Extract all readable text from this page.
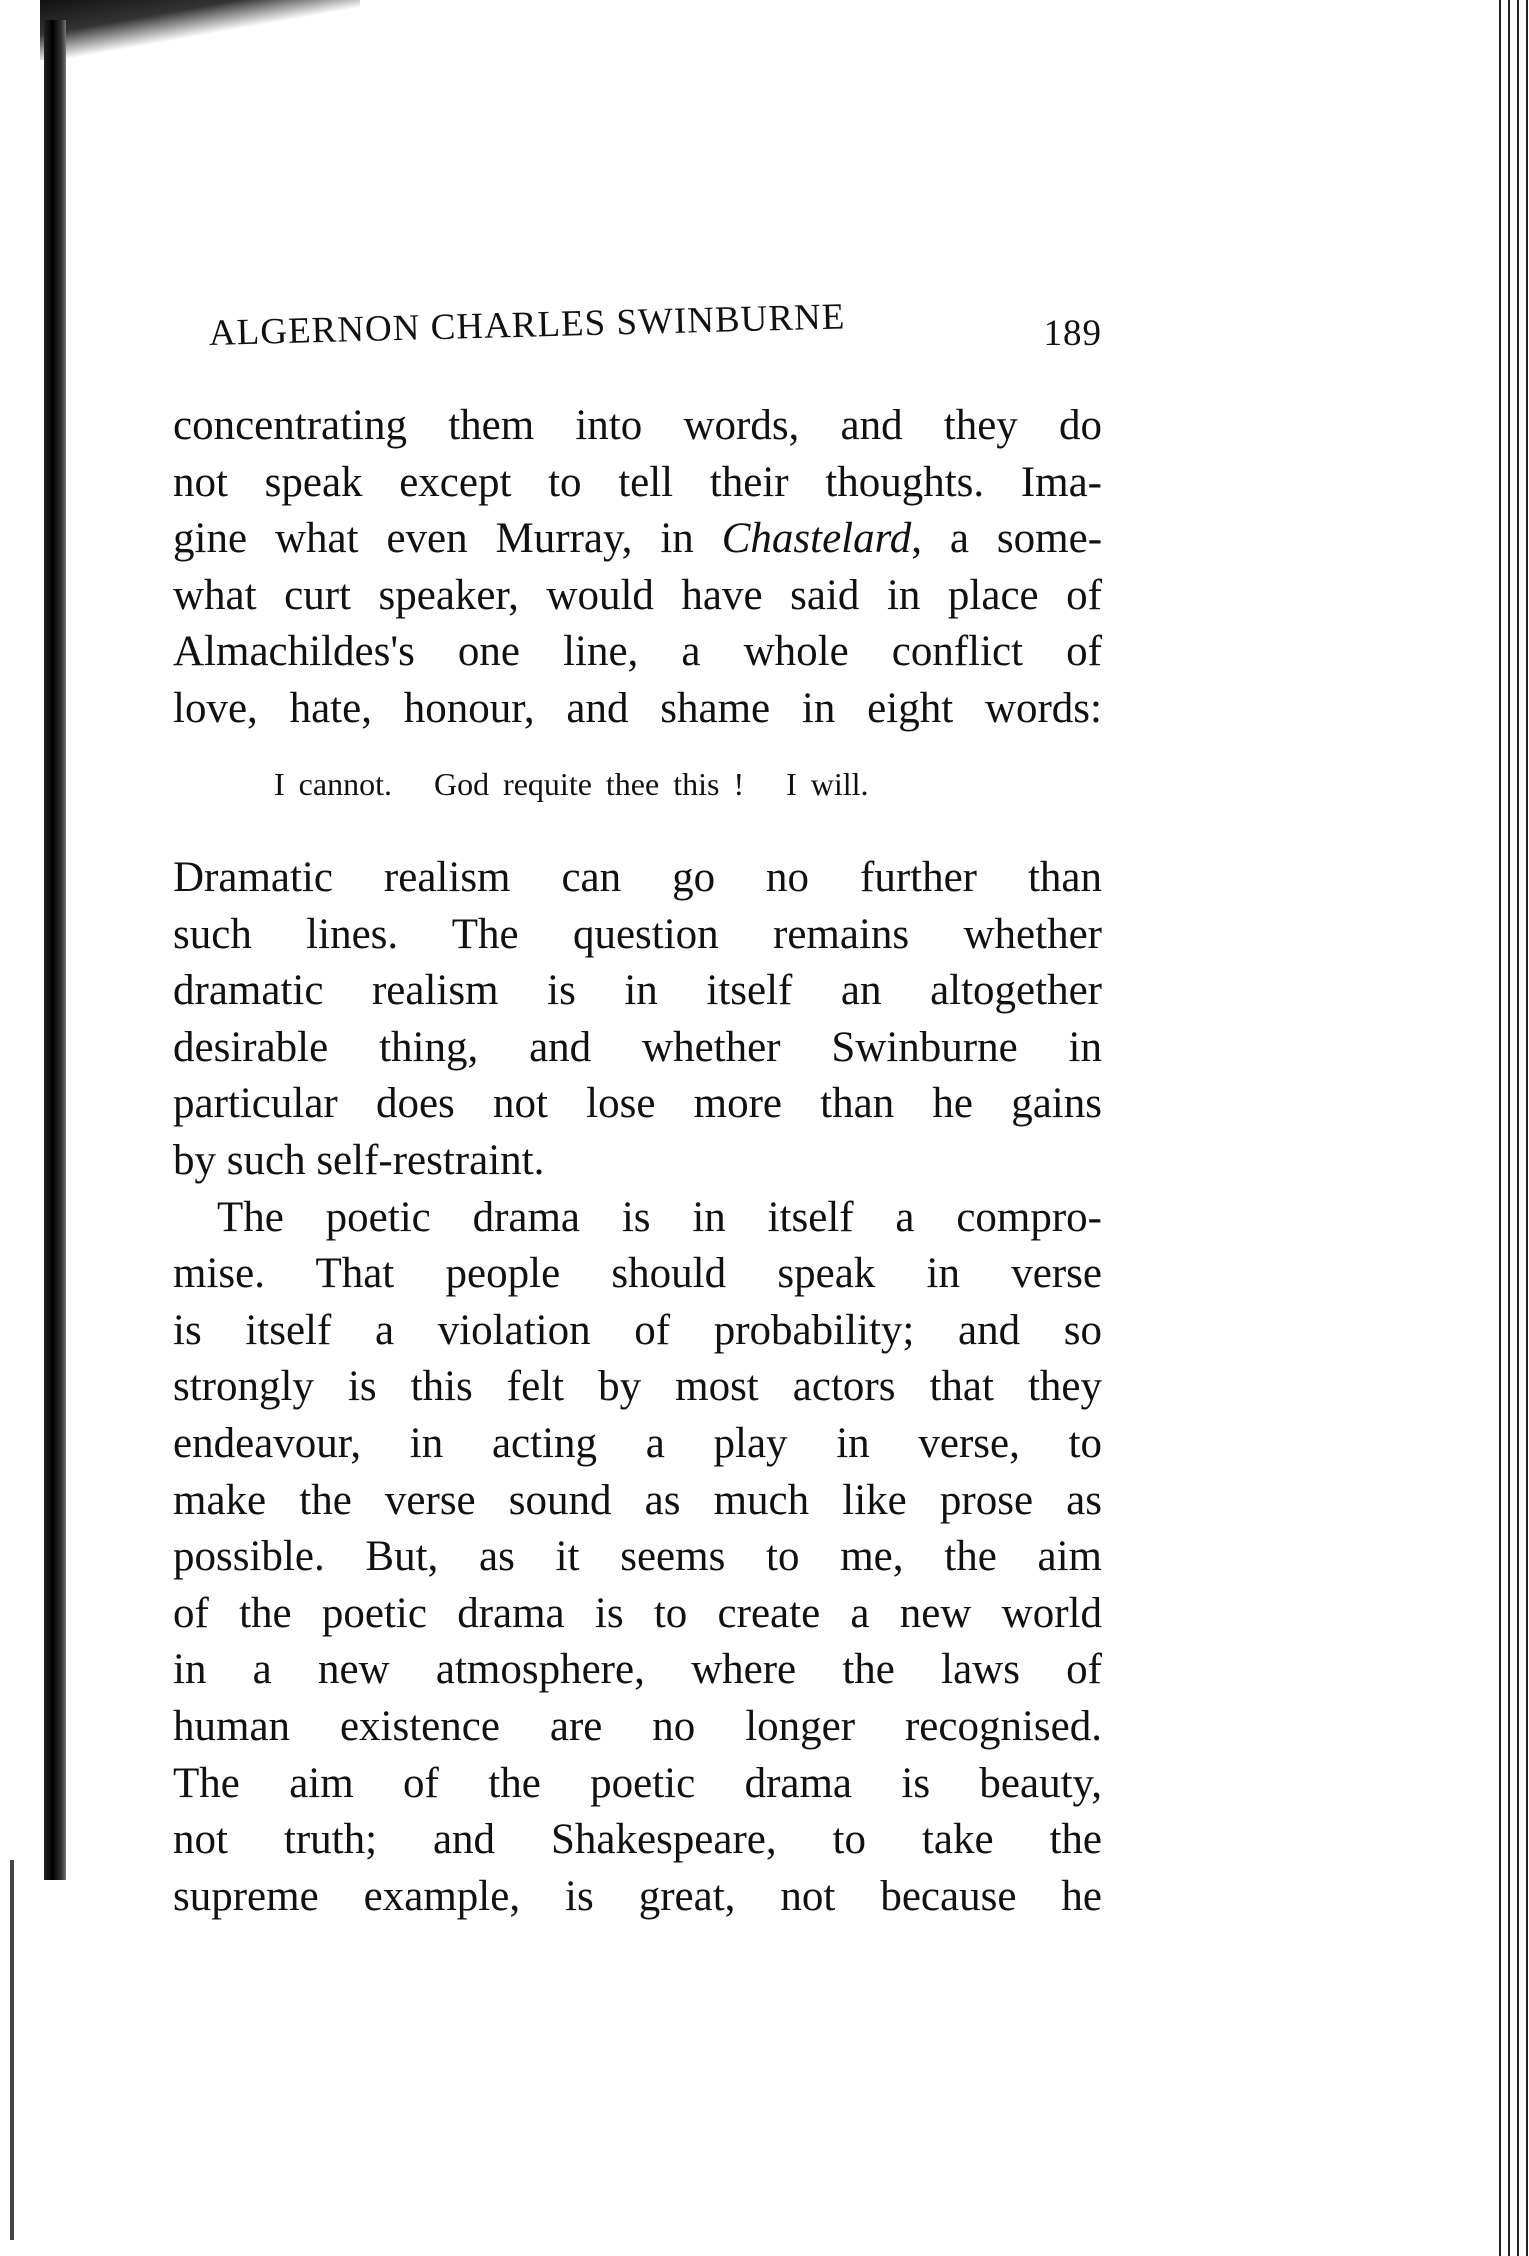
ALGERNON CHARLES SWINBURNE	189
concentrating them into words, and they do
not speak except to tell their thoughts. Ima-
gine what even Murray, in Chastelard, a some-
what curt speaker, would have said in place of
Almachildes's one line, a whole conflict of
love, hate, honour, and shame in eight words:
I cannot.   God requite thee this !   I will.
Dramatic realism can go no further than
such lines. The question remains whether
dramatic realism is in itself an altogether
desirable thing, and whether Swinburne in
particular does not lose more than he gains
by such self-restraint.
The poetic drama is in itself a compro-
mise. That people should speak in verse
is itself a violation of probability; and so
strongly is this felt by most actors that they
endeavour, in acting a play in verse, to
make the verse sound as much like prose as
possible. But, as it seems to me, the aim
of the poetic drama is to create a new world
in a new atmosphere, where the laws of
human existence are no longer recognised.
The aim of the poetic drama is beauty,
not truth; and Shakespeare, to take the
supreme example, is great, not because he
